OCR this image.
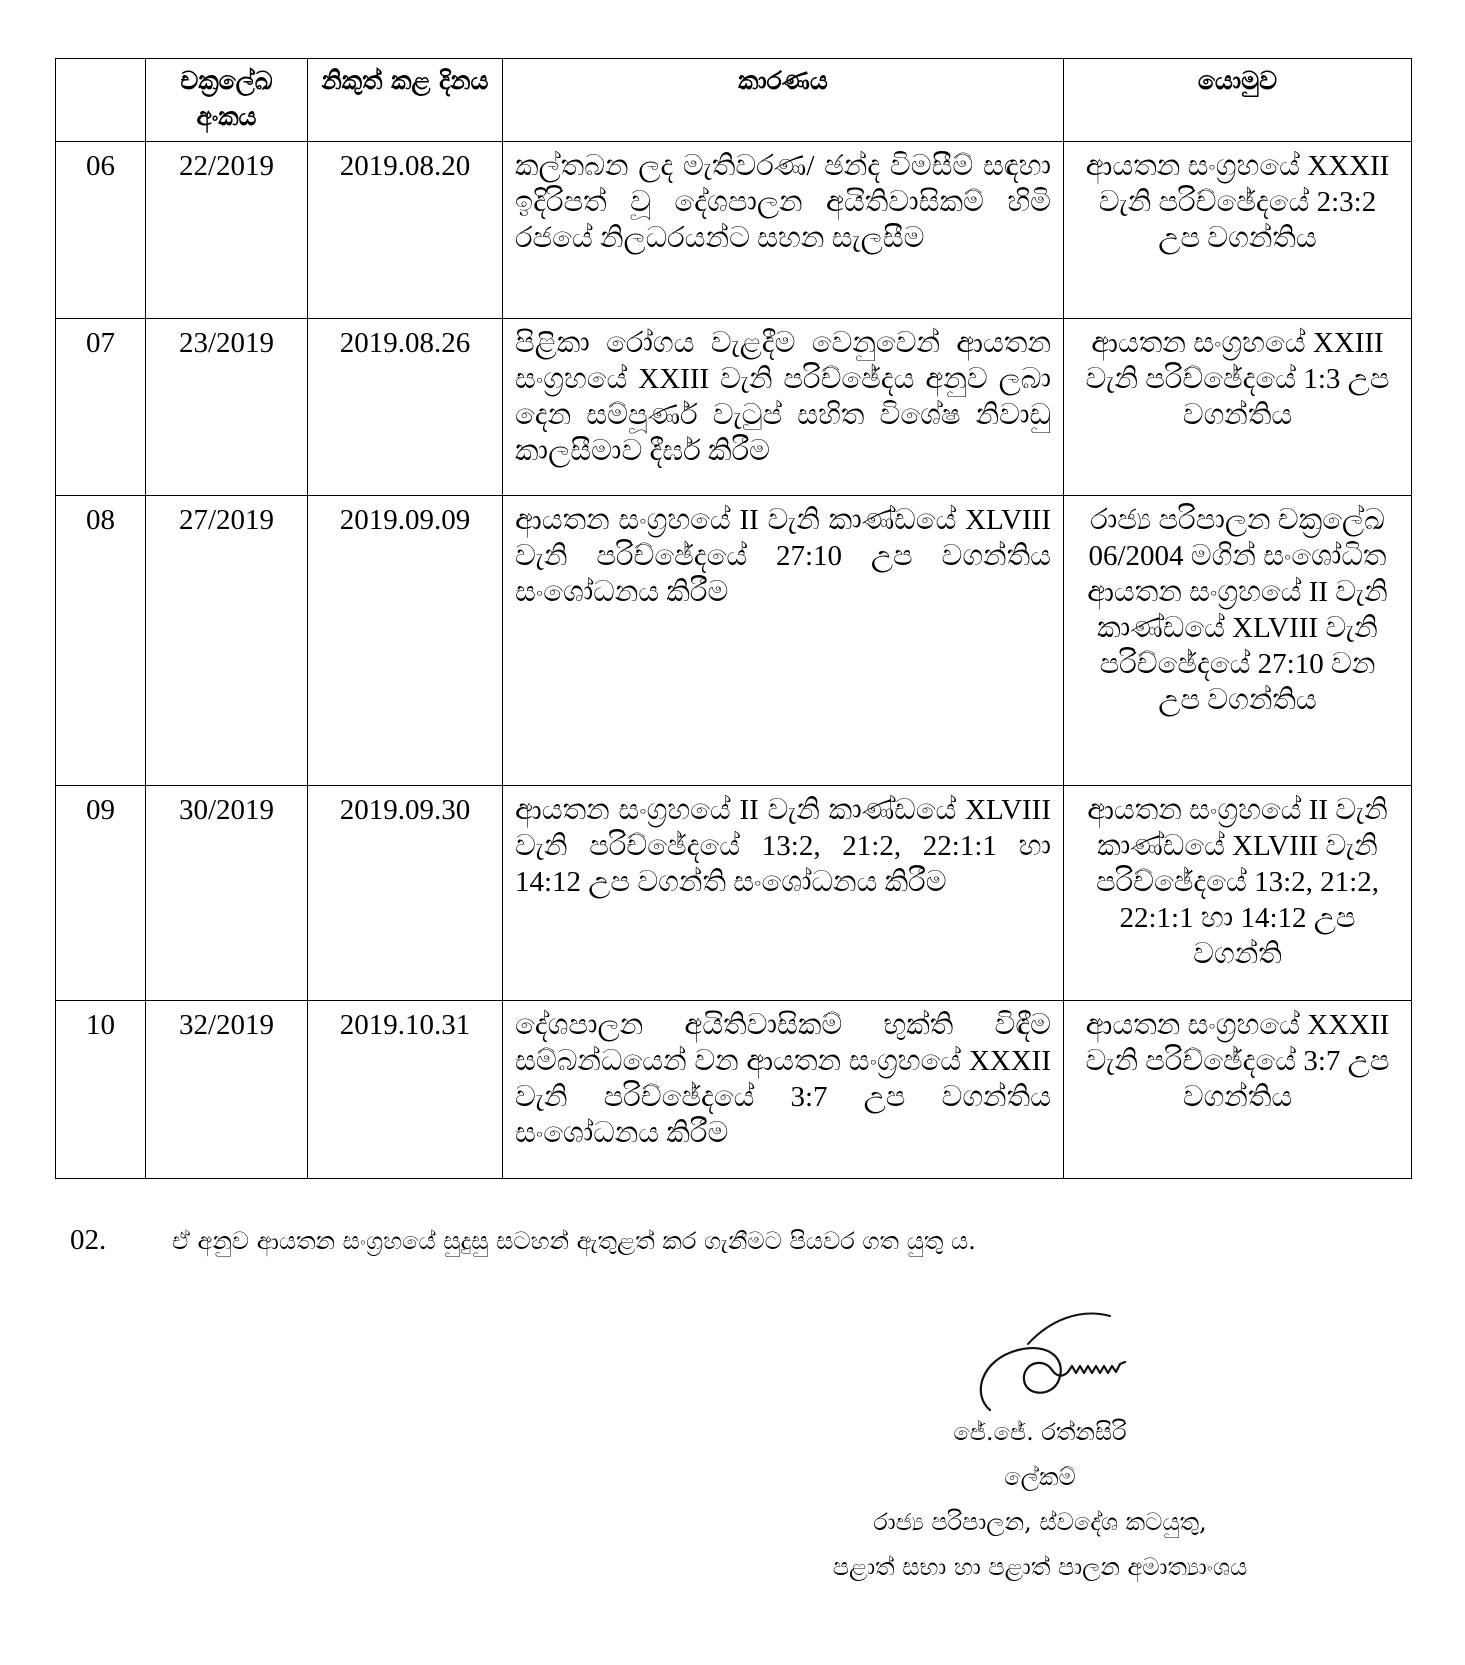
	චක්‍රලේඛ අංකය	නිකුත් කළ දිනය	කාරණය	යොමුව
06	22/2019	2019.08.20	කල්තබන ලද මැතිවරණ/ ඡන්ද විමසීම් සඳහා ඉදිරිපත් වූ දේශපාලන අයිතිවාසිකම් හිමි රජයේ නිලධරයන්ට සහන සැලසීම	ආයතන සංග්‍රහයේ XXXII වැනි පරිච්ඡේදයේ 2:3:2 උප වගන්තිය
07	23/2019	2019.08.26	පිළිකා රෝගය වැළදීම වෙනුවෙන් ආයතන සංග්‍රහයේ XXIII වැනි පරිච්ඡේදය අනුව ලබා දෙන සම්පූර්ණ වැටුප් සහිත විශේෂ නිවාඩු කාලසීමාව දීර්ඝ කිරීම	ආයතන සංග්‍රහයේ XXIII වැනි පරිච්ඡේදයේ 1:3 උප වගන්තිය
08	27/2019	2019.09.09	ආයතන සංග්‍රහයේ II වැනි කාණ්ඩයේ XLVIII වැනි පරිච්ඡේදයේ 27:10 උප වගන්තිය සංශෝධනය කිරීම	රාජ්‍ය පරිපාලන චක්‍රලේඛ 06/2004 මගින් සංශෝධිත ආයතන සංග්‍රහයේ II වැනි කාණ්ඩයේ XLVIII වැනි පරිච්ඡේදයේ 27:10 වන උප වගන්තිය
09	30/2019	2019.09.30	ආයතන සංග්‍රහයේ II වැනි කාණ්ඩයේ XLVIII වැනි පරිච්ඡේදයේ 13:2, 21:2, 22:1:1 හා 14:12 උප වගන්ති සංශෝධනය කිරීම	ආයතන සංග්‍රහයේ II වැනි කාණ්ඩයේ XLVIII වැනි පරිච්ඡේදයේ 13:2, 21:2, 22:1:1 හා 14:12 උප වගන්ති
10	32/2019	2019.10.31	දේශපාලන අයිතිවාසිකම් භුක්ති විඳීම සම්බන්ධයෙන් වන ආයතන සංග්‍රහයේ XXXII වැනි පරිච්ඡේදයේ 3:7 උප වගන්තිය සංශෝධනය කිරීම	ආයතන සංග්‍රහයේ XXXII වැනි පරිච්ඡේදයේ 3:7 උප වගන්තිය
02.	ඒ අනුව ආයතන සංග්‍රහයේ සුදුසු සටහන් ඇතුළත් කර ගැනීමට පියවර ගත යුතු ය.
ජේ.ජේ. රත්නසිරි
ලේකම්
රාජ්‍ය පරිපාලන, ස්වදේශ කටයුතු,
පළාත් සභා හා පළාත් පාලන අමාත්‍යාංශය
